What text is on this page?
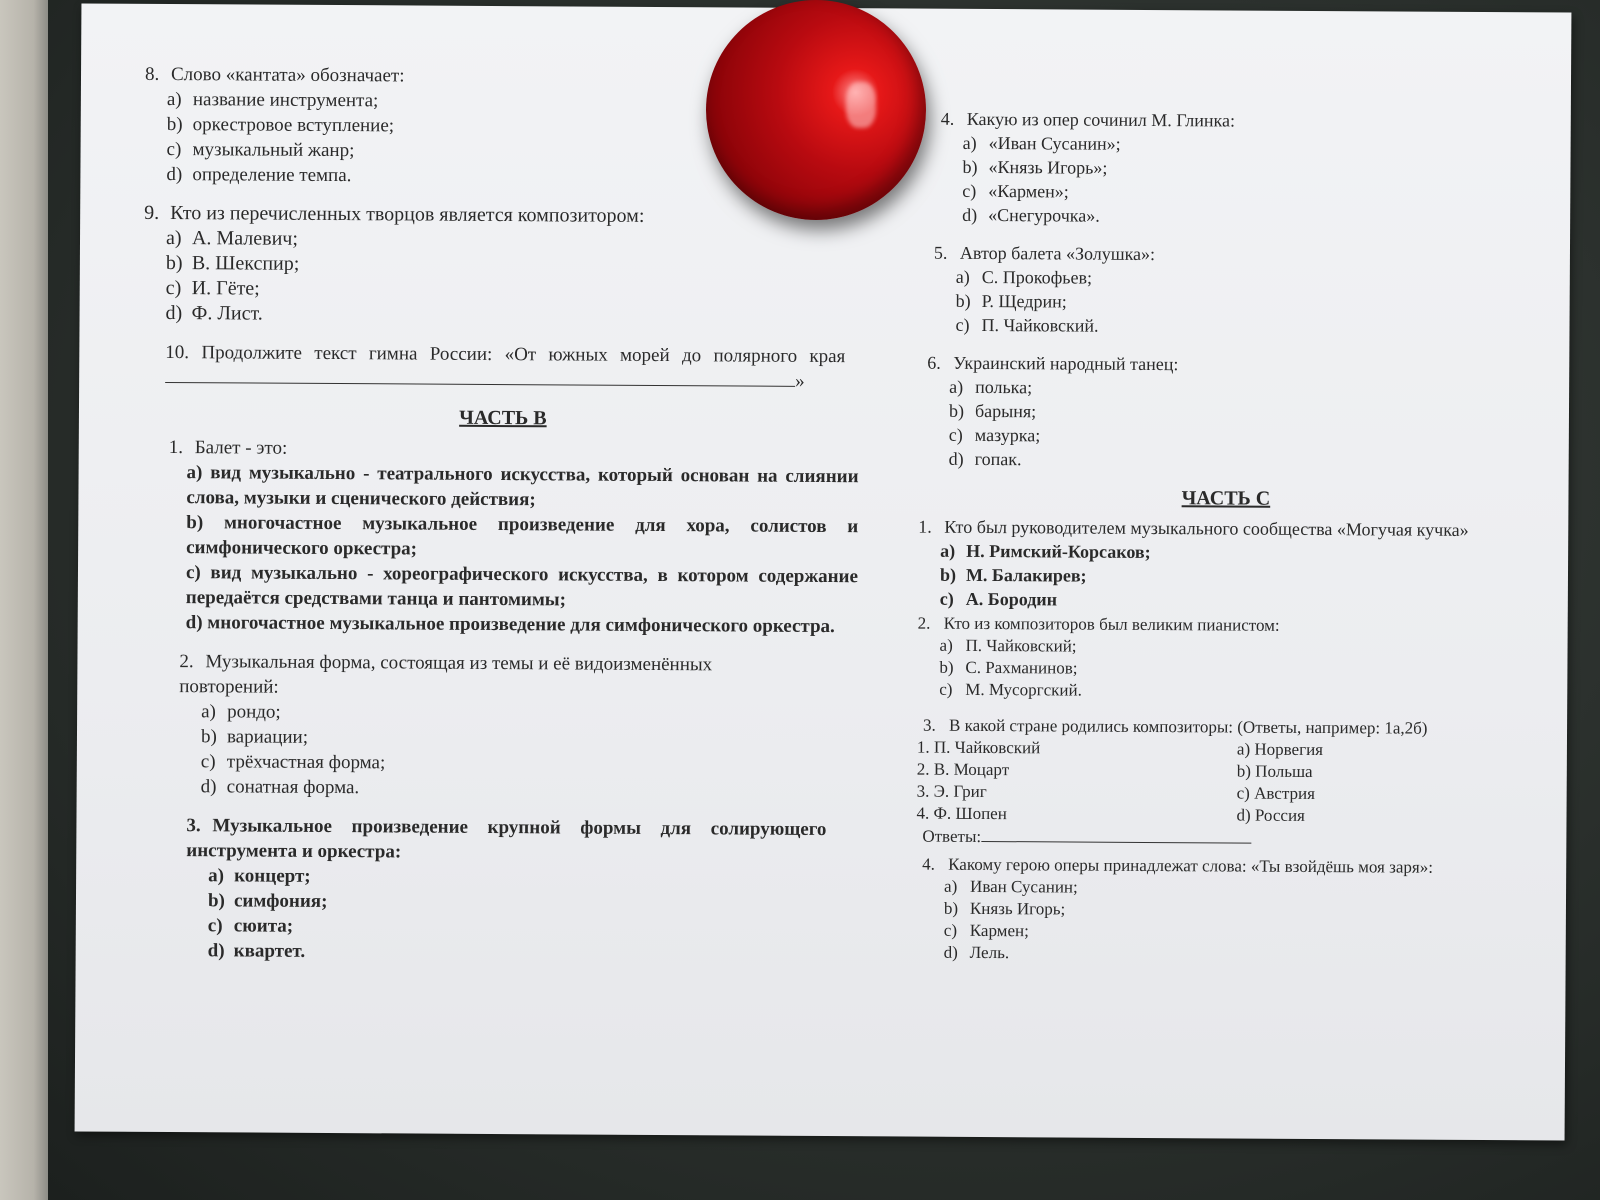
8. Слово «кантата» обозначает:
a) название инструмента;
b) оркестровое вступление;
c) музыкальный жанр;
d) определение темпа.
9. Кто из перечисленных творцов является композитором:
a) А. Малевич;
b) В. Шекспир;
c) И. Гёте;
d) Ф. Лист.
10. Продолжите текст гимна России: «От южных морей до полярного края »
ЧАСТЬ В
1. Балет - это:
a) вид музыкально - театрального искусства, который основан на слиянии слова, музыки и сценического действия;
b) многочастное музыкальное произведение для хора, солистов и симфонического оркестра;
c) вид музыкально - хореографического искусства, в котором содержание передаётся средствами танца и пантомимы;
d) многочастное музыкальное произведение для симфонического оркестра.
2. Музыкальная форма, состоящая из темы и её видоизменённых повторений:
a) рондо;
b) вариации;
c) трёхчастная форма;
d) сонатная форма.
3. Музыкальное произведение крупной формы для солирующего инструмента и оркестра:
a) концерт;
b) симфония;
c) сюита;
d) квартет.
4. Какую из опер сочинил М. Глинка:
a) «Иван Сусанин»;
b) «Князь Игорь»;
c) «Кармен»;
d) «Снегурочка».
5. Автор балета «Золушка»:
a) С. Прокофьев;
b) Р. Щедрин;
c) П. Чайковский.
6. Украинский народный танец:
a) полька;
b) барыня;
c) мазурка;
d) гопак.
ЧАСТЬ С
1. Кто был руководителем музыкального сообщества «Могучая кучка»
a) Н. Римский-Корсаков;
b) М. Балакирев;
c) А. Бородин
2. Кто из композиторов был великим пианистом:
a) П. Чайковский;
b) С. Рахманинов;
c) М. Мусоргский.
3. В какой стране родились композиторы: (Ответы, например: 1а,2б)
1. П. Чайковский	а) Норвегия
2. В. Моцарт	b) Польша
3. Э. Григ	c) Австрия
4. Ф. Шопен	d) Россия
Ответы:
4. Какому герою оперы принадлежат слова: «Ты взойдёшь моя заря»:
a) Иван Сусанин;
b) Князь Игорь;
c) Кармен;
d) Лель.
